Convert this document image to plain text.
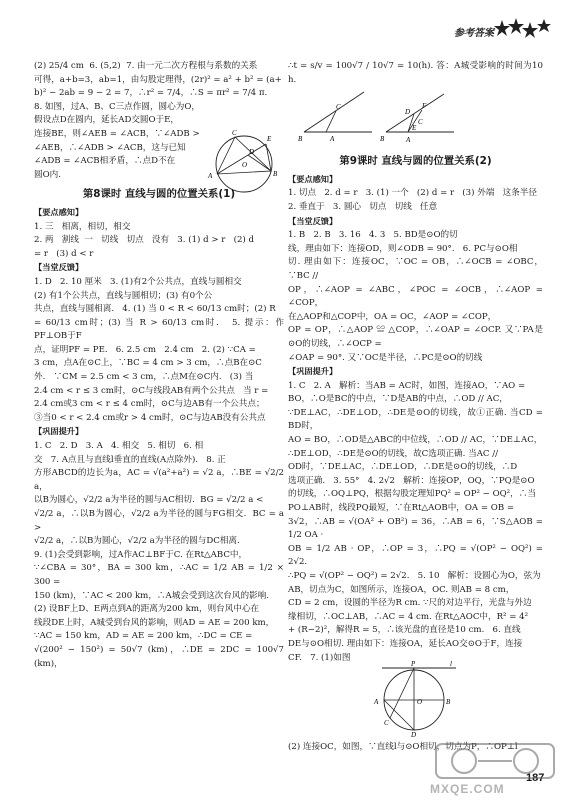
参考答案

(2) 25/4 cm  6. (5,2)  7. 由一元二次方程根与系数的关系

可得，a+b=3，ab=1，由勾股定理得，(2r)² = a² + b² = (a+

b)² − 2ab = 9 − 2 = 7，∴r² = 7/4，∴S = πr² = 7/4 π.

8. 如图，过A、B、C三点作圆，圆心为O，

假设点D在圆内，延长AD交圆O于E，

连接BE，则∠AEB = ∠ACB，∵∠ADB >

∠AEB，∴∠ADB > ∠ACB，这与已知

∠ADB = ∠ACB相矛盾，∴点D不在

圆O内.

第8课时 直线与圆的位置关系(1)

【要点感知】

1. 三   相离，相切，相交

2. 两   割线  一   切线   切点   没有   3. (1) d > r   (2) d

= r   (3) d < r

【当堂反馈】

1. D   2. 10 厘米   3. (1)有2个公共点，直线与圆相交

(2) 有1个公共点，直线与圆相切；(3) 有0个公

共点，直线与圆相离.   4. (1) 当 0 < R < 60/13 cm时；(2) R

= 60/13 cm时；(3) 当 R > 60/13 cm时.   5. 提示：作PF⊥OB于F

点，证明PF = PE.   6. 2.5 cm   2.4 cm   2. (2) ∵CA =

3 cm，点A在⊙C上，∵BC = 4 cm > 3 cm，∴点B在⊙C

外.   ∵CM = 2.5 cm < 3 cm，∴点M在⊙C内.   (3) 当

2.4 cm < r ≤ 3 cm时，⊙C与线段AB有两个公共点   当 r =

2.4 cm或3 cm < r ≤ 4 cm时，⊙C与边AB有一个公共点；

③当0 < r < 2.4 cm或r > 4 cm时，⊙C与边AB没有公共点

【巩固提升】

1. C   2. D   3. A   4. 相交   5. 相切   6. 相

交   7. A点且与直线l垂直的直线(A点除外).   8. 正

方形ABCD的边长为a，AC = √(a²+a²) = √2 a，∴BE = √2/2 a，

以B为圆心，√2/2 a为半径的圆与AC相切.  BG = √2/2 a <

√2/2 a，∴以B为圆心，√2/2 a为半径的圆与FG相交.  BC = a >

√2/2 a，∴以B为圆心，√2/2 a为半径的圆与DC相离.

9. (1)会受到影响，过A作AC⊥BF于C. 在Rt△ABC中，

∵∠CBA = 30°，BA = 300 km，∴AC = 1/2 AB = 1/2 × 300 =

150 (km)，∵AC < 200 km，∴A城会受到这次台风的影响.

(2) 设BF上D、E两点到A的距离为200 km，则台风中心在

线段DE上时，A城受到台风的影响，则AD = AE = 200 km，

∵AC = 150 km，AD = AE = 200 km，∴DC = CE =

√(200² − 150²) = 50√7 (km)，∴DE = 2DC = 100√7 (km)，

C
E
A	B
O
D

∴t = s/v = 100√7 / 10√7 = 10(h). 答：A城受影响的时间为10 h.

第9课时 直线与圆的位置关系(2)

【要点感知】

1. 切点   2. d = r   3. (1) 一个   (2) d = r   (3) 外端   这条半径

2. 垂直于   3. 圆心   切点   切线   任意

【当堂反馈】

1. B   2. B   3. 16   4. 3   5. BD是⊙O的切

线，理由如下：连接OD，则∠ODB = 90°.   6. PC与⊙O相

切. 理由如下：连接OC，∵OC = OB，∴∠OCB = ∠OBC，∵BC //

OP，∴∠AOP = ∠ABC，∠POC = ∠OCB，∴∠AOP = ∠COP，

在△AOP和△COP中，OA = OC，∠AOP = ∠COP，

OP = OP，∴△AOP ≌ △COP，∴∠OAP = ∠OCP. 又∵PA是⊙O的切线，∴∠OCP =

∠OAP = 90°. 又∵OC是半径，∴PC是⊙O的切线

【巩固提升】

1. C   2. A   解析：当AB = AC时，如图，连接AO，∵AO =

BO，∴O是BC的中点，∵D是AB的中点，∴OD // AC，

∵DE⊥AC，∴DE⊥OD，∴DE是⊙O的切线，故①正确. 当CD = BD时，

AO = BO，∴OD是△ABC的中位线，∴OD // AC，∵DE⊥AC，

∴DE⊥OD，∴DE是⊙O的切线，故C选项正确. 当AC //

OD时，∵DE⊥AC，∴DE⊥OD，∴DE是⊙O的切线，∴D

选项正确.   3. 55°   4. 2√2   解析：连接OP，OQ，∵PQ是⊙O

的切线，∴OQ⊥PQ，根据勾股定理知PQ² = OP² − OQ²，∴当

PO⊥AB时，线段PQ最短，∵在Rt△AOB中，OA = OB =

3√2，∴AB = √(OA² + OB²) = 36，∴AB = 6，∵S△AOB = 1/2 OA ·

OB = 1/2 AB · OP，∴OP = 3，∴PQ = √(OP² − OQ²) = 2√2.

∴PQ = √(OP² − OQ²) = 2√2.   5. 10   解析：设圆心为O，弦为

AB，切点为C，如图所示，连接OA，OC. 则AB = 8 cm，

CD = 2 cm，设圆的半径为R cm. ∵尺的对边平行，光盘与外边

缘相切，∴OC⊥AB，∴AC = 4 cm. 在Rt△AOC中，R² = 4²

+ (R−2)²，解得R = 5，∴该光盘的直径是10 cm.   6. 直线

DE与⊙O相切. 理由如下：连接OA，延长AO交⊙O于F，连接

CF.   7. (1)如图

(2) 连接OC，如图，∵直线l与⊙O相切，切点为P，∴OP⊥l

B
C
A	B
D
F
A
C
E
P	l
A	B
O
D
C
187
MXQE.COM
